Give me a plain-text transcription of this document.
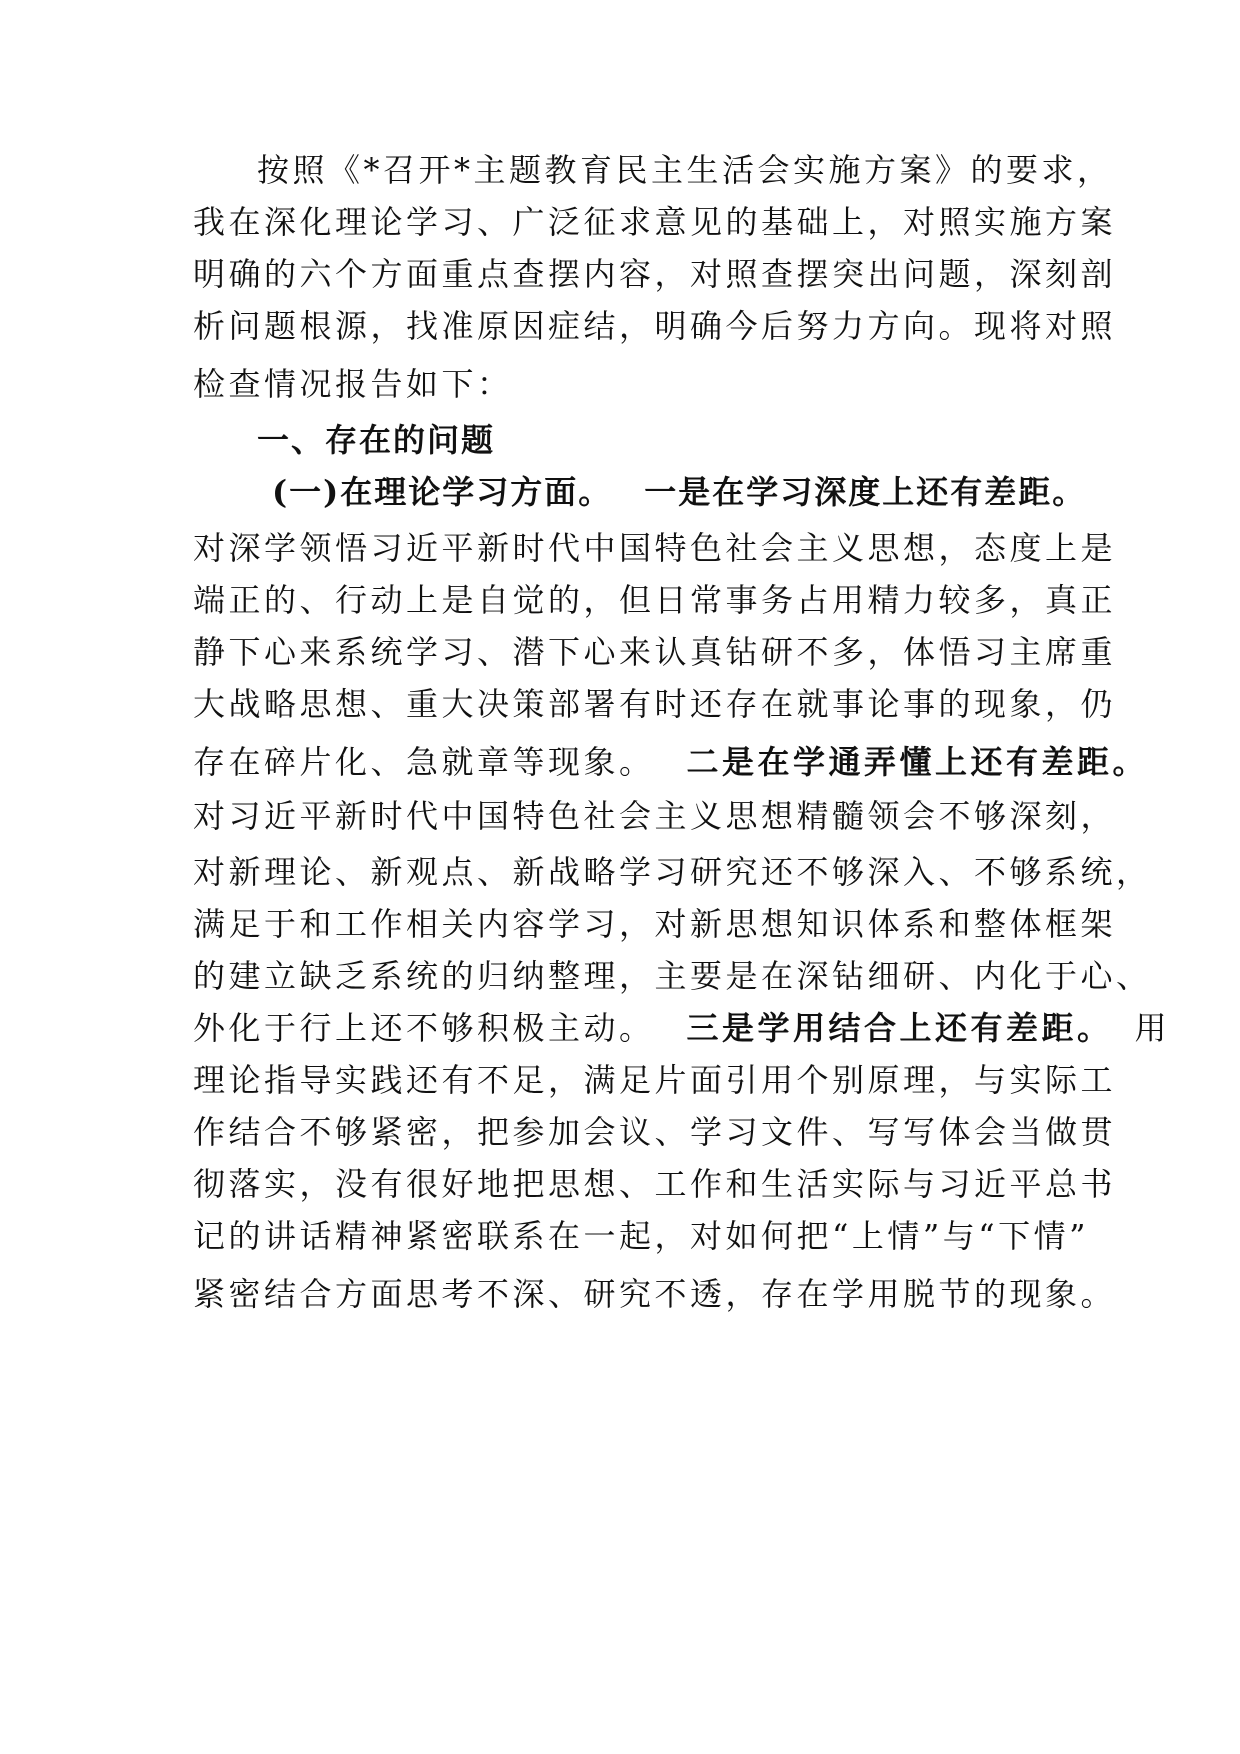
按照《*召开*主题教育民主生活会实施方案》的要求，
我在深化理论学习、广泛征求意见的基础上，对照实施方案
明确的六个方面重点查摆内容，对照查摆突出问题，深刻剖
析问题根源，找准原因症结，明确今后努力方向。现将对照
检查情况报告如下：
一、存在的问题
(一)在理论学习方面。 一是在学习深度上还有差距。
对深学领悟习近平新时代中国特色社会主义思想，态度上是
端正的、行动上是自觉的，但日常事务占用精力较多，真正
静下心来系统学习、潜下心来认真钻研不多，体悟习主席重
大战略思想、重大决策部署有时还存在就事论事的现象，仍
存在碎片化、急就章等现象。 二是在学通弄懂上还有差距。
对习近平新时代中国特色社会主义思想精髓领会不够深刻，
对新理论、新观点、新战略学习研究还不够深入、不够系统，
满足于和工作相关内容学习，对新思想知识体系和整体框架
的建立缺乏系统的归纳整理，主要是在深钻细研、内化于心、
外化于行上还不够积极主动。 三是学用结合上还有差距。 用
理论指导实践还有不足，满足片面引用个别原理，与实际工
作结合不够紧密，把参加会议、学习文件、写写体会当做贯
彻落实，没有很好地把思想、工作和生活实际与习近平总书
记的讲话精神紧密联系在一起，对如何把“上情”与“下情”
紧密结合方面思考不深、研究不透，存在学用脱节的现象。
